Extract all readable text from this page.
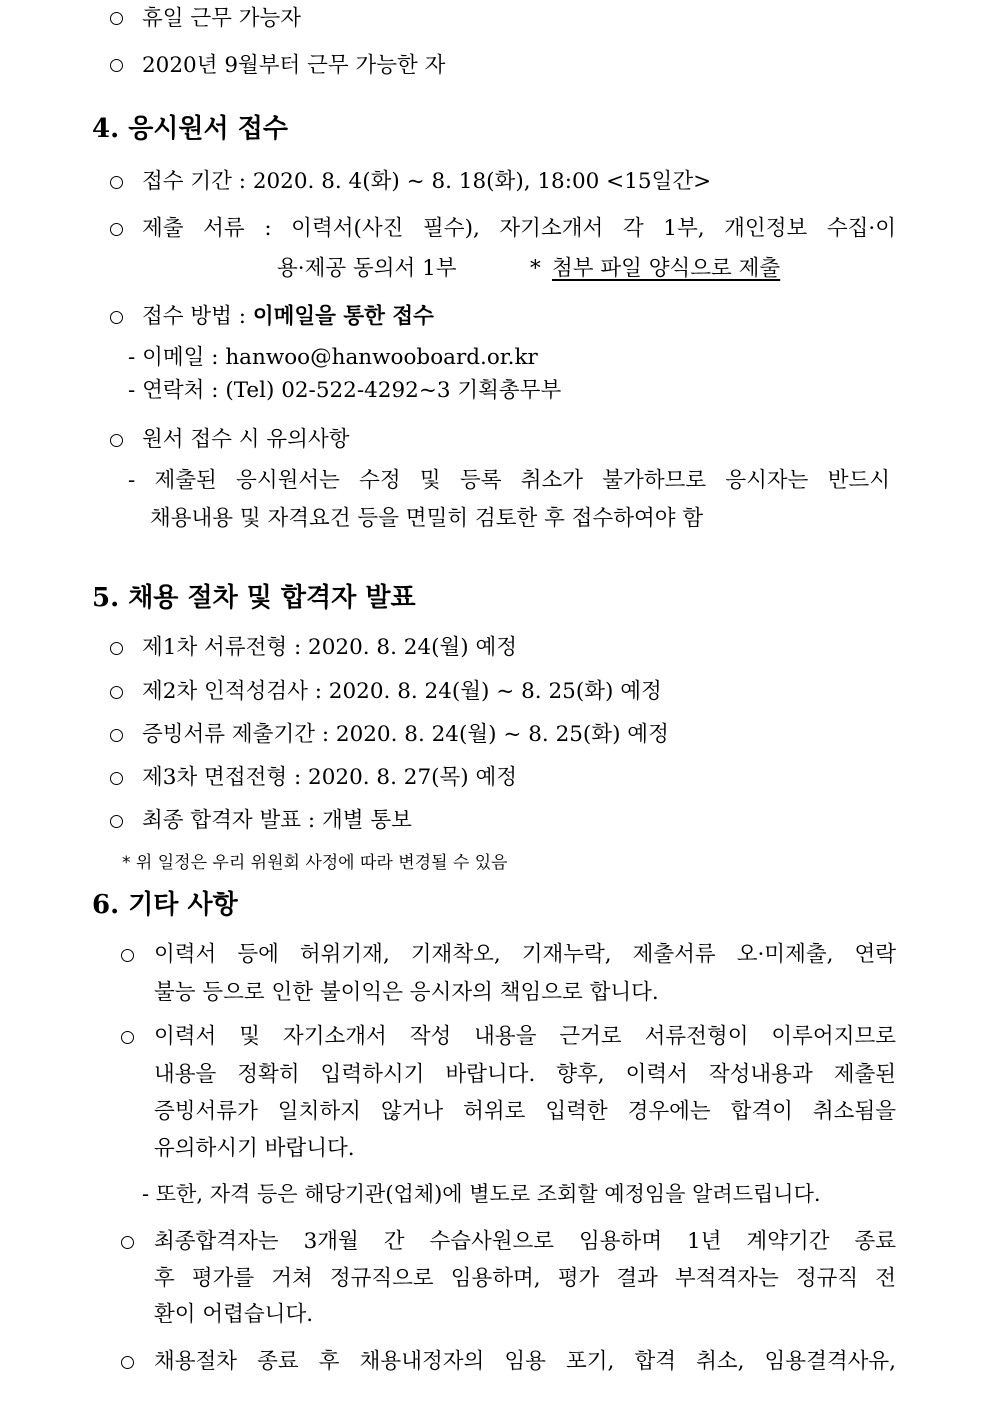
휴일 근무 가능자
2020년 9월부터 근무 가능한 자
4. 응시원서 접수
접수 기간 : 2020. 8. 4(화) ~ 8. 18(화), 18:00 <15일간>
제출 서류 : 이력서(사진 필수), 자기소개서 각 1부, 개인정보 수집·이
용·제공 동의서 1부	* 첨부 파일 양식으로 제출
접수 방법 : 이메일을 통한 접수
- 이메일 : hanwoo@hanwooboard.or.kr
- 연락처 : (Tel) 02-522-4292~3 기획총무부
원서 접수 시 유의사항
- 제출된 응시원서는 수정 및 등록 취소가 불가하므로 응시자는 반드시
채용내용 및 자격요건 등을 면밀히 검토한 후 접수하여야 함
5. 채용 절차 및 합격자 발표
제1차 서류전형 : 2020. 8. 24(월) 예정
제2차 인적성검사 : 2020. 8. 24(월) ~ 8. 25(화) 예정
증빙서류 제출기간 : 2020. 8. 24(월) ~ 8. 25(화) 예정
제3차 면접전형 : 2020. 8. 27(목) 예정
최종 합격자 발표 : 개별 통보
* 위 일정은 우리 위원회 사정에 따라 변경될 수 있음
6. 기타 사항
이력서 등에 허위기재, 기재착오, 기재누락, 제출서류 오·미제출, 연락
불능 등으로 인한 불이익은 응시자의 책임으로 합니다.
이력서 및 자기소개서 작성 내용을 근거로 서류전형이 이루어지므로
내용을 정확히 입력하시기 바랍니다. 향후, 이력서 작성내용과 제출된
증빙서류가 일치하지 않거나 허위로 입력한 경우에는 합격이 취소됨을
유의하시기 바랍니다.
- 또한, 자격 등은 해당기관(업체)에 별도로 조회할 예정임을 알려드립니다.
최종합격자는 3개월 간 수습사원으로 임용하며 1년 계약기간 종료
후 평가를 거쳐 정규직으로 임용하며, 평가 결과 부적격자는 정규직 전
환이 어렵습니다.
채용절차 종료 후 채용내정자의 임용 포기, 합격 취소, 임용결격사유,
